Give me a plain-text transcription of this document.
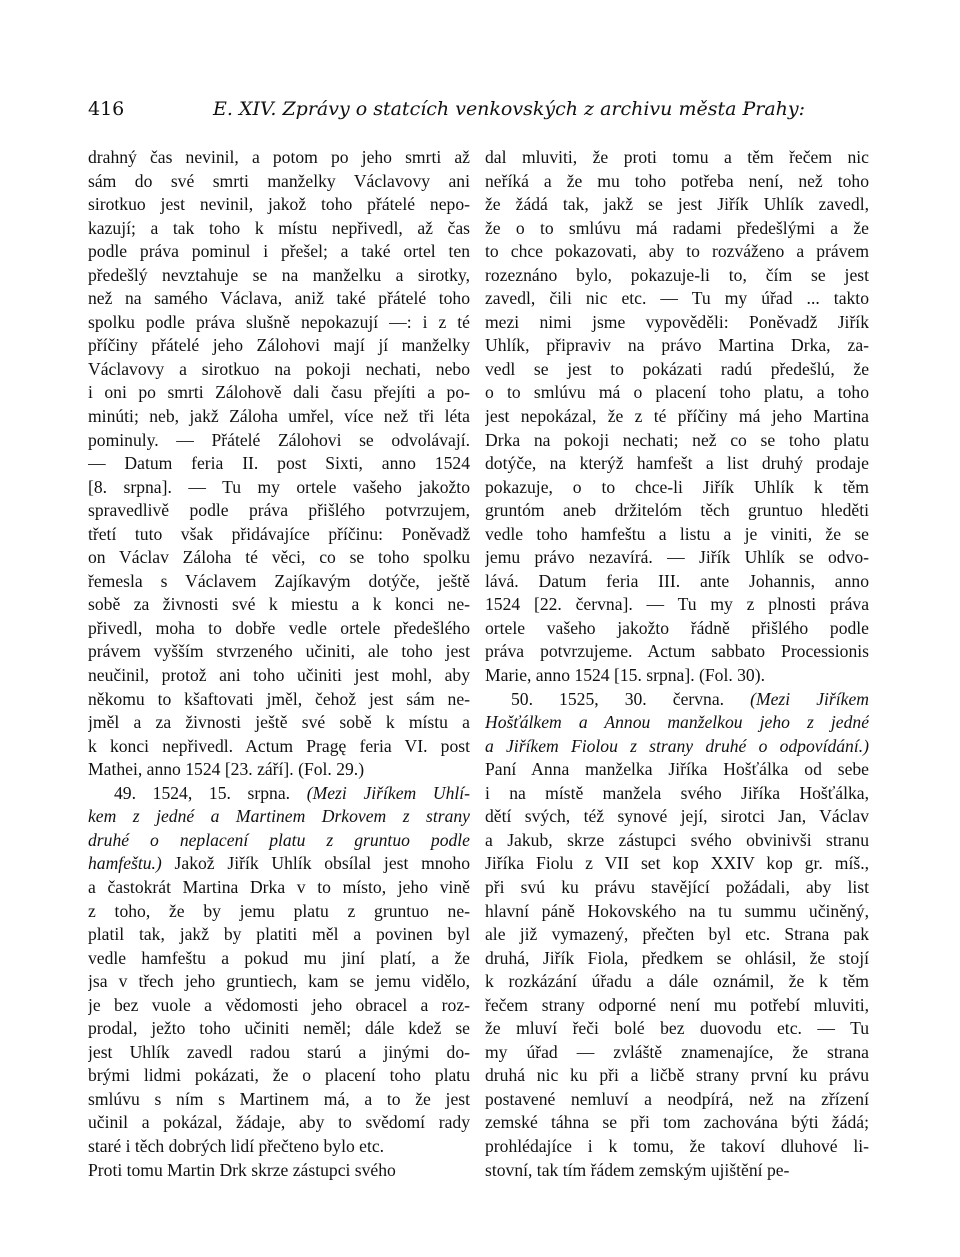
416	E. XIV. Zprávy o statcích venkovských z archivu města Prahy:
drahný čas nevinil, a potom po jeho smrti až
sám do své smrti manželky Václavovy ani
sirotkuo jest nevinil, jakož toho přátelé nepo-
kazují; a tak toho k místu nepřivedl, až čas
podle práva pominul i přešel; a také ortel ten
předešlý nevztahuje se na manželku a sirotky,
než na samého Václava, aniž také přátelé toho
spolku podle práva slušně nepokazují —: i z té
příčiny přátelé jeho Zálohovi mají jí manželky
Václavovy a sirotkuo na pokoji nechati, nebo
i oni po smrti Zálohově dali času přejíti a po-
minúti; neb, jakž Záloha umřel, více než tři léta
pominuly. — Přátelé Zálohovi se odvolávají.
— Datum feria II. post Sixti, anno 1524
[8. srpna]. — Tu my ortele vašeho jakožto
spravedlivě podle práva přišlého potvrzujem,
třetí tuto však přidávajíce příčinu: Poněvadž
on Václav Záloha té věci, co se toho spolku
řemesla s Václavem Zajíkavým dotýče, ještě
sobě za živnosti své k miestu a k konci ne-
přivedl, moha to dobře vedle ortele předešlého
právem vyšším stvrzeného učiniti, ale toho jest
neučinil, protož ani toho učiniti jest mohl, aby
někomu to kšaftovati jměl, čehož jest sám ne-
jměl a za živnosti ještě své sobě k místu a
k konci nepřivedl. Actum Pragę feria VI. post
Mathei, anno 1524 [23. září]. (Fol. 29.)
49. 1524, 15. srpna. (Mezi Jiříkem Uhlí-
kem z jedné a Martinem Drkovem z strany
druhé o neplacení platu z gruntuo podle
hamfeštu.) Jakož Jiřík Uhlík obsílal jest mnoho
a častokrát Martina Drka v to místo, jeho vině
z toho, že by jemu platu z gruntuo ne-
platil tak, jakž by platiti měl a povinen byl
vedle hamfeštu a pokud mu jiní platí, a že
jsa v třech jeho gruntiech, kam se jemu vidělo,
je bez vuole a vědomosti jeho obracel a roz-
prodal, ježto toho učiniti neměl; dále kdež se
jest Uhlík zavedl radou starú a jinými do-
brými lidmi pokázati, že o placení toho platu
smlúvu s ním s Martinem má, a to že jest
učinil a pokázal, žádaje, aby to svědomí rady
staré i těch dobrých lidí přečteno bylo etc.
Proti tomu Martin Drk skrze zástupci svého
dal mluviti, že proti tomu a těm řečem nic
neříká a že mu toho potřeba není, než toho
že žádá tak, jakž se jest Jiřík Uhlík zavedl,
že o to smlúvu má radami předešlými a že
to chce pokazovati, aby to rozváženo a právem
rozeznáno bylo, pokazuje-li to, čím se jest
zavedl, čili nic etc. — Tu my úřad ... takto
mezi nimi jsme vypověděli: Poněvadž Jiřík
Uhlík, připraviv na právo Martina Drka, za-
vedl se jest to pokázati radú předešlú, že
o to smlúvu má o placení toho platu, a toho
jest nepokázal, že z té příčiny má jeho Martina
Drka na pokoji nechati; než co se toho platu
dotýče, na kterýž hamfešt a list druhý prodaje
pokazuje, o to chce-li Jiřík Uhlík k těm
gruntóm aneb držitelóm těch gruntuo hleděti
vedle toho hamfeštu a listu a je viniti, že se
jemu právo nezavírá. — Jiřík Uhlík se odvo-
lává. Datum feria III. ante Johannis, anno
1524 [22. června]. — Tu my z plnosti práva
ortele vašeho jakožto řádně přišlého podle
práva potvrzujeme. Actum sabbato Processionis
Marie, anno 1524 [15. srpna]. (Fol. 30).
50. 1525, 30. června. (Mezi Jiříkem
Hošťálkem a Annou manželkou jeho z jedné
a Jiříkem Fiolou z strany druhé o odpovídání.)
Paní Anna manželka Jiříka Hošťálka od sebe
i na místě manžela svého Jiříka Hošťálka,
dětí svých, též synové její, sirotci Jan, Václav
a Jakub, skrze zástupci svého obvinivši stranu
Jiříka Fiolu z VII set kop XXIV kop gr. míš.,
při svú ku právu stavějící požádali, aby list
hlavní páně Hokovského na tu summu učiněný,
ale již vymazený, přečten byl etc. Strana pak
druhá, Jiřík Fiola, předkem se ohlásil, že stojí
k rozkázání úřadu a dále oznámil, že k těm
řečem strany odporné není mu potřebí mluviti,
že mluví řeči bolé bez duovodu etc. — Tu
my úřad — zvláště znamenajíce, že strana
druhá nic ku při a ličbě strany první ku právu
postavené nemluví a neodpírá, než na zřízení
zemské táhna se při tom zachována býti žádá;
prohlédajíce i k tomu, že takoví dluhové li-
stovní, tak tím řádem zemským ujištění pe-
